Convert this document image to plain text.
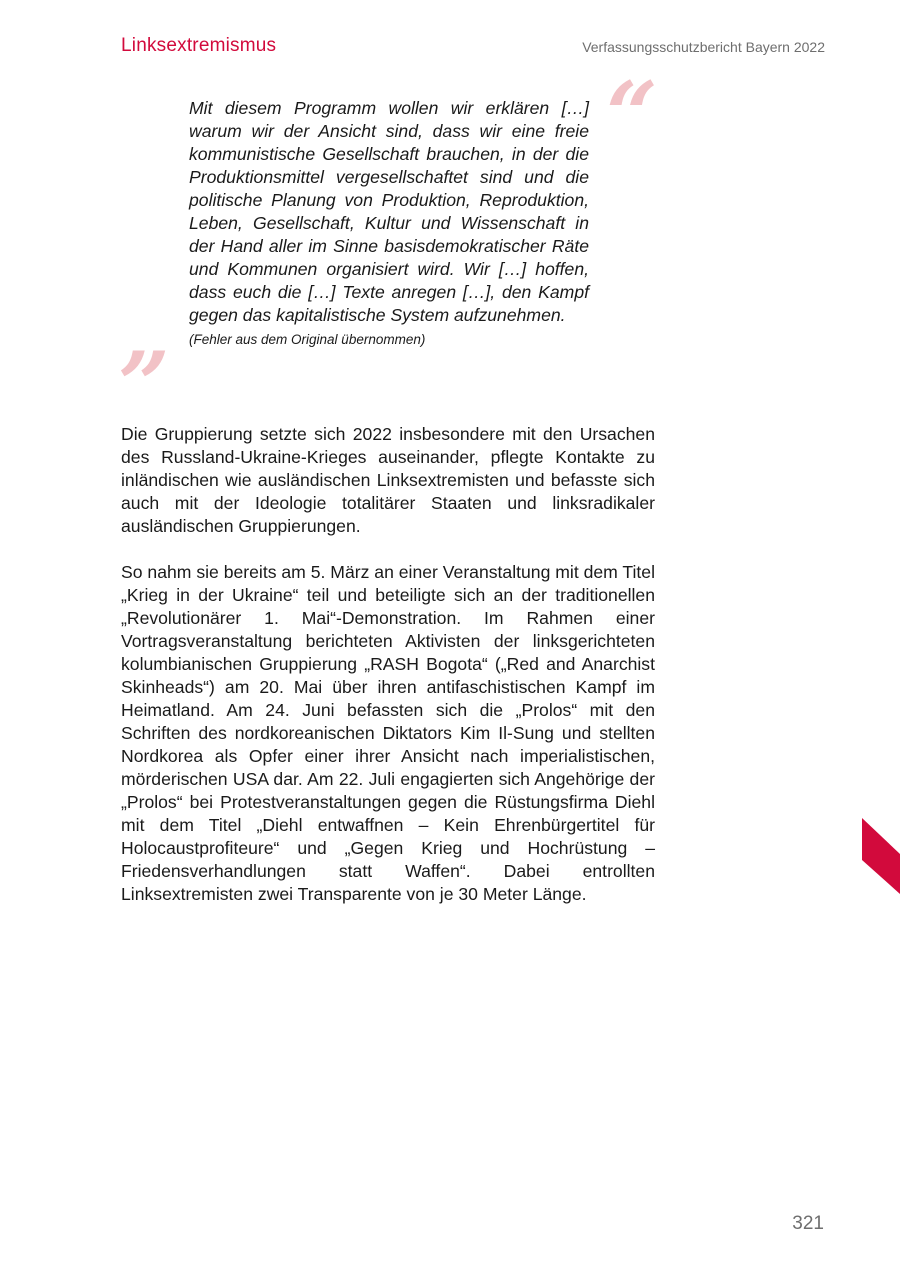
Linksextremismus	Verfassungsschutzbericht Bayern 2022
“

Mit diesem Programm wollen wir erklären […] warum wir der Ansicht sind, dass wir eine freie kommunistische Gesellschaft brauchen, in der die Produktionsmittel vergesellschaftet sind und die politische Planung von Produktion, Reproduktion, Leben, Gesellschaft, Kultur und Wissenschaft in der Hand aller im Sinne basisdemokratischer Räte und Kommunen organisiert wird. Wir […] hoffen, dass euch die […] Texte anregen […], den Kampf gegen das kapitalistische System aufzunehmen.

(Fehler aus dem Original übernommen)

”

Die Gruppierung setzte sich 2022 insbesondere mit den Ursachen des Russland-Ukraine-Krieges auseinander, pflegte Kontakte zu inländischen wie ausländischen Linksextremisten und befasste sich auch mit der Ideologie totalitärer Staaten und linksradikaler ausländischen Gruppierungen.

So nahm sie bereits am 5. März an einer Veranstaltung mit dem Titel „Krieg in der Ukraine“ teil und beteiligte sich an der traditionellen „Revolutionärer 1. Mai“-Demonstration. Im Rahmen einer Vortragsveranstaltung berichteten Aktivisten der linksgerichteten kolumbianischen Gruppierung „RASH Bogota“ („Red and Anarchist Skinheads“) am 20. Mai über ihren antifaschistischen Kampf im Heimatland. Am 24. Juni befassten sich die „Prolos“ mit den Schriften des nordkoreanischen Diktators Kim Il-Sung und stellten Nordkorea als Opfer einer ihrer Ansicht nach imperialistischen, mörderischen USA dar. Am 22. Juli engagierten sich Angehörige der „Prolos“ bei Protestveranstaltungen gegen die Rüstungsfirma Diehl mit dem Titel „Diehl entwaffnen – Kein Ehrenbürgertitel für Holocaustprofiteure“ und „Gegen Krieg und Hochrüstung – Friedensverhandlungen statt Waffen“. Dabei entrollten Linksextremisten zwei Transparente von je 30 Meter Länge.

321
